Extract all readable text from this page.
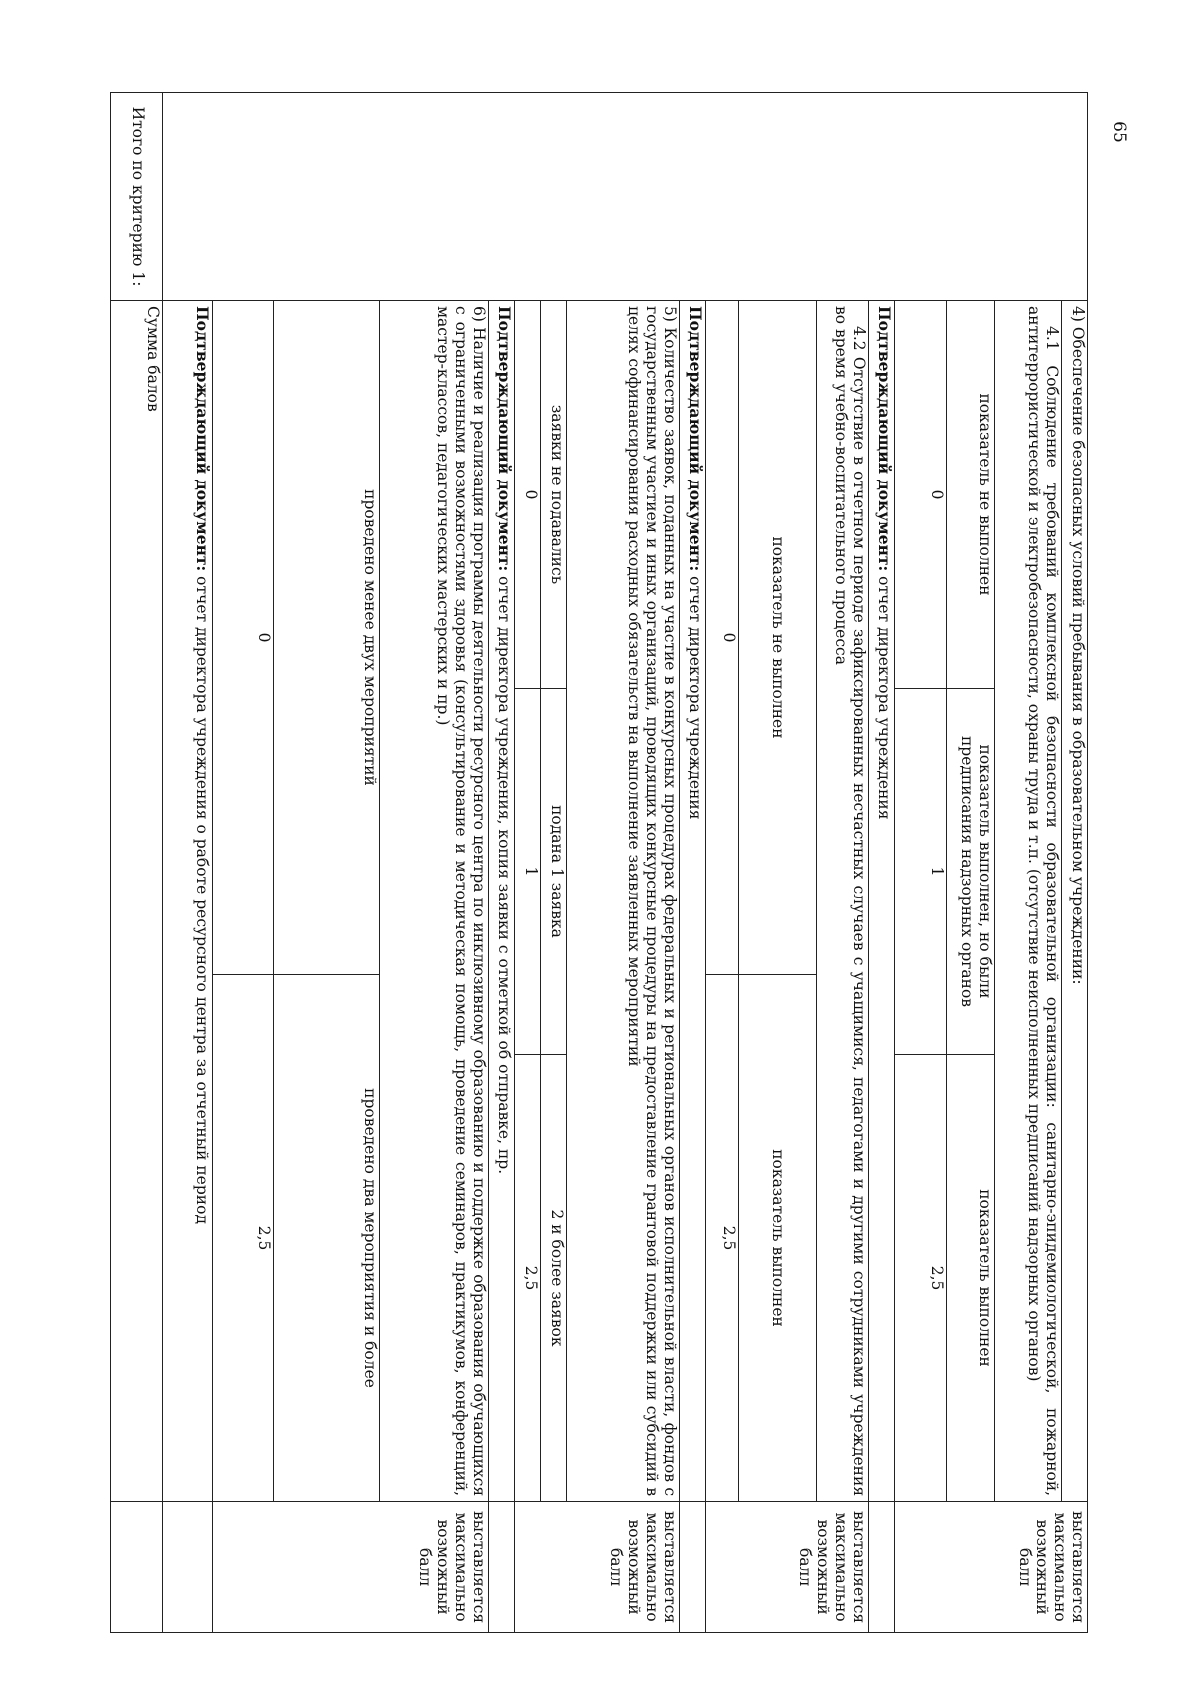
65
	4) Обеспечение безопасных условий пребывания в образовательном учреждении:				выставляется максимально возможный балл
	4.1 Соблюдение требований комплексной безопасности образовательной организации: санитарно-эпидемиологической, пожарной, антитеррористической и электробезопасности, охраны труда и т.п. (отсутствие неисполненных предписаний надзорных органов)				
	показатель не выполнен	показатель выполнен, но были предписания надзорных органов		показатель выполнен	
	0	1		2,5	
	Подтверждающий документ: отчет директора учреждения				
	4.2 Отсутствие в отчетном периоде зафиксированных несчастных случаев с учащимися, педагогами и другими сотрудниками учреждения во время учебно-воспитательного процесса				выставляется максимально возможный балл
	показатель не выполнен		показатель выполнен		
	0		2,5		
	Подтверждающий документ: отчет директора учреждения				
	5) Количество заявок, поданных на участие в конкурсных процедурах федеральных и региональных органов исполнительной власти, фондов с государственным участием и иных организаций, проводящих конкурсные процедуры на предоставление грантовой поддержки или субсидий в целях софинансирования расходных обязательств на выполнение заявленных мероприятий				выставляется максимально возможный балл
	заявки не подавались	подана 1 заявка		2 и более заявок	
	0	1		2,5	
	Подтверждающий документ: отчет директора учреждения, копия заявки с отметкой об отправке, пр.				
	6) Наличие и реализация программы деятельности ресурсного центра по инклюзивному образованию и поддержке образования обучающихся с ограниченными возможностями здоровья (консультирование и методическая помощь, проведение семинаров, практикумов, конференций, мастер-классов, педагогических мастерских и пр.)				выставляется максимально возможный балл
	проведено менее двух мероприятий		проведено два мероприятия и более		
	0		2,5		
	Подтверждающий документ: отчет директора учреждения о работе ресурсного центра за отчетный период				
Итого по критерию 1:	Сумма балов				
